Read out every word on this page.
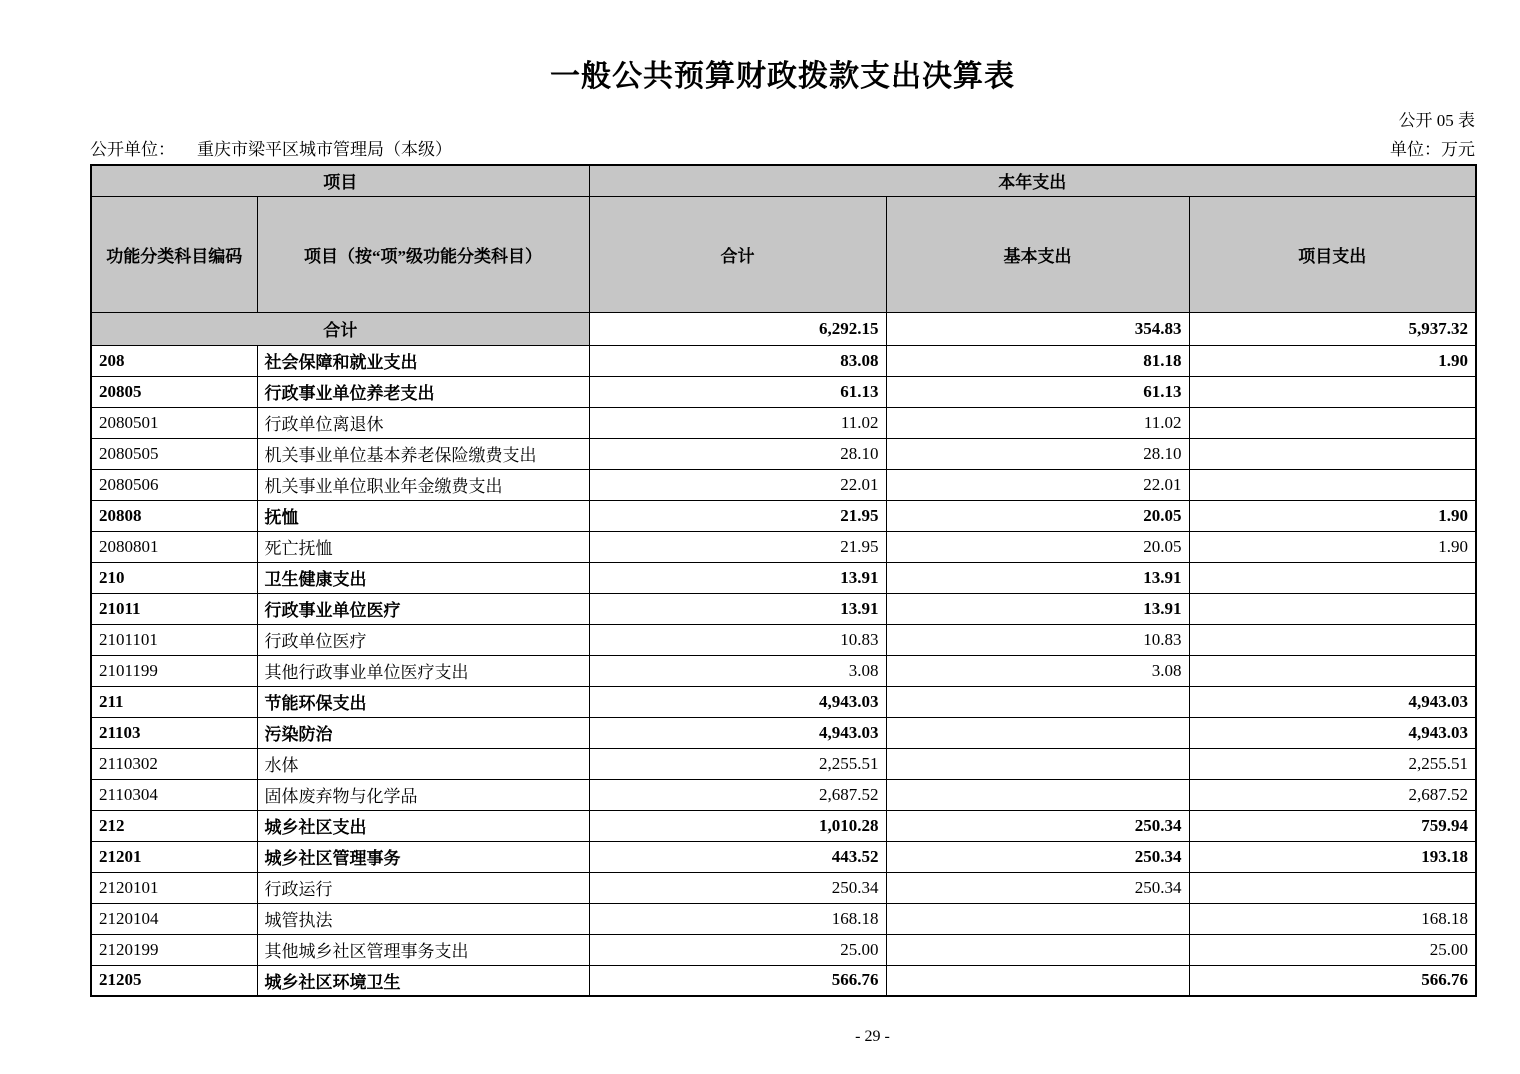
一般公共预算财政拨款支出决算表
公开 05 表
公开单位： 重庆市梁平区城市管理局（本级）	单位：万元
项目		本年支出		
功能分类科目编码	项目（按“项”级功能分类科目）	合计	基本支出	项目支出
合计		6,292.15	354.83	5,937.32
208	社会保障和就业支出	83.08	81.18	1.90
20805	行政事业单位养老支出	61.13	61.13	
2080501	行政单位离退休	11.02	11.02	
2080505	机关事业单位基本养老保险缴费支出	28.10	28.10	
2080506	机关事业单位职业年金缴费支出	22.01	22.01	
20808	抚恤	21.95	20.05	1.90
2080801	死亡抚恤	21.95	20.05	1.90
210	卫生健康支出	13.91	13.91	
21011	行政事业单位医疗	13.91	13.91	
2101101	行政单位医疗	10.83	10.83	
2101199	其他行政事业单位医疗支出	3.08	3.08	
211	节能环保支出	4,943.03		4,943.03
21103	污染防治	4,943.03		4,943.03
2110302	水体	2,255.51		2,255.51
2110304	固体废弃物与化学品	2,687.52		2,687.52
212	城乡社区支出	1,010.28	250.34	759.94
21201	城乡社区管理事务	443.52	250.34	193.18
2120101	行政运行	250.34	250.34	
2120104	城管执法	168.18		168.18
2120199	其他城乡社区管理事务支出	25.00		25.00
21205	城乡社区环境卫生	566.76		566.76
- 29 -
